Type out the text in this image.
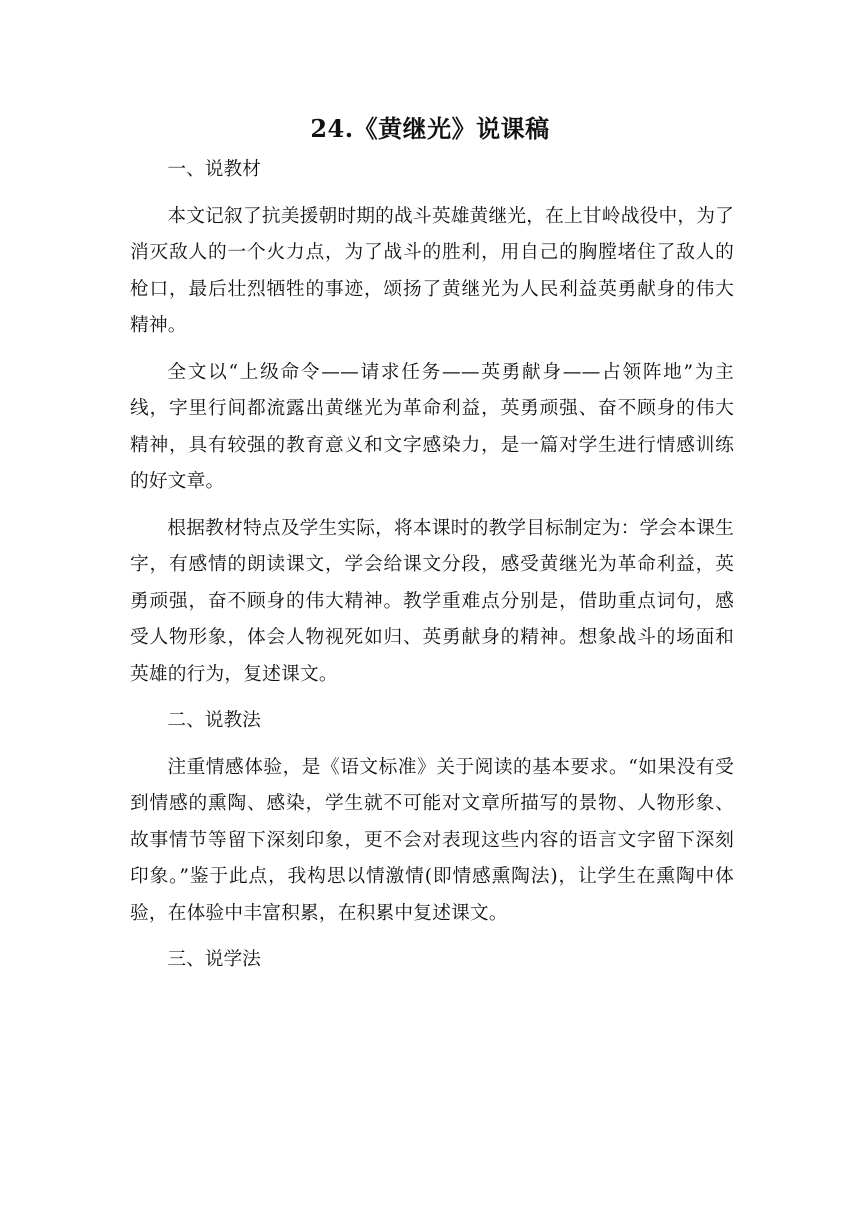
24.《黄继光》说课稿

一、说教材

本文记叙了抗美援朝时期的战斗英雄黄继光，在上甘岭战役中，为了消灭敌人的一个火力点，为了战斗的胜利，用自己的胸膛堵住了敌人的枪口，最后壮烈牺牲的事迹，颂扬了黄继光为人民利益英勇献身的伟大精神。

全文以“上级命令——请求任务——英勇献身——占领阵地”为主线，字里行间都流露出黄继光为革命利益，英勇顽强、奋不顾身的伟大精神，具有较强的教育意义和文字感染力，是一篇对学生进行情感训练的好文章。

根据教材特点及学生实际，将本课时的教学目标制定为：学会本课生字，有感情的朗读课文，学会给课文分段，感受黄继光为革命利益，英勇顽强，奋不顾身的伟大精神。教学重难点分别是，借助重点词句，感受人物形象，体会人物视死如归、英勇献身的精神。想象战斗的场面和英雄的行为，复述课文。

二、说教法

注重情感体验，是《语文标准》关于阅读的基本要求。“如果没有受到情感的熏陶、感染，学生就不可能对文章所描写的景物、人物形象、故事情节等留下深刻印象，更不会对表现这些内容的语言文字留下深刻印象。”鉴于此点，我构思以情激情(即情感熏陶法)，让学生在熏陶中体验，在体验中丰富积累，在积累中复述课文。

三、说学法
